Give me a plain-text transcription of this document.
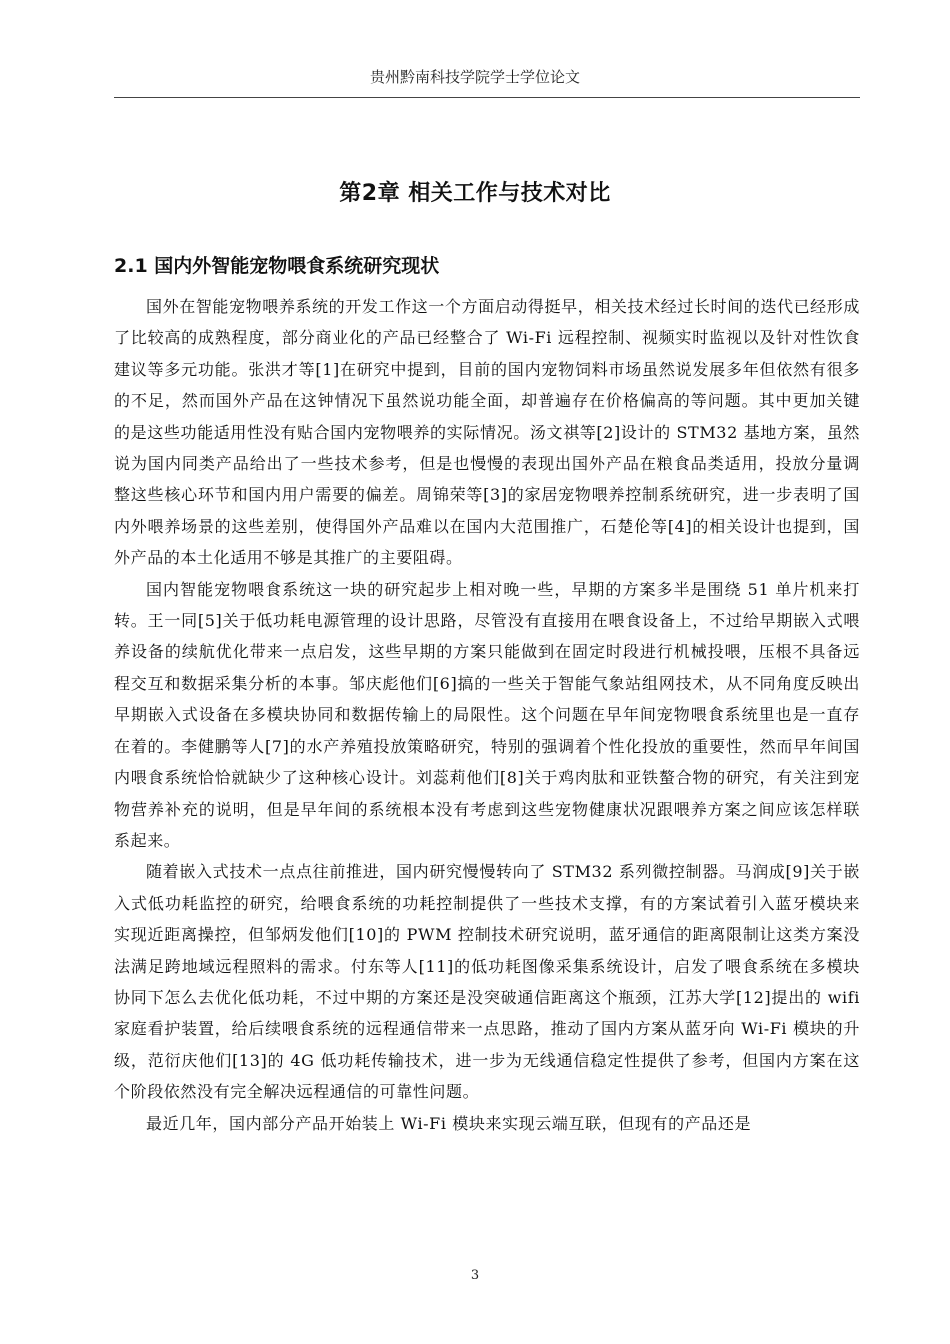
贵州黔南科技学院学士学位论文
第2章 相关工作与技术对比
2.1 国内外智能宠物喂食系统研究现状

国外在智能宠物喂养系统的开发工作这一个方面启动得挺早，相关技术经过长时间的迭代已经形成了比较高的成熟程度，部分商业化的产品已经整合了 Wi-Fi 远程控制、视频实时监视以及针对性饮食建议等多元功能。张洪才等[1]在研究中提到，目前的国内宠物饲料市场虽然说发展多年但依然有很多的不足，然而国外产品在这钟情况下虽然说功能全面，却普遍存在价格偏高的等问题。其中更加关键的是这些功能适用性没有贴合国内宠物喂养的实际情况。汤文祺等[2]设计的 STM32 基地方案，虽然说为国内同类产品给出了一些技术参考，但是也慢慢的表现出国外产品在粮食品类适用，投放分量调整这些核心环节和国内用户需要的偏差。周锦荣等[3]的家居宠物喂养控制系统研究，进一步表明了国内外喂养场景的这些差别，使得国外产品难以在国内大范围推广，石楚伦等[4]的相关设计也提到，国外产品的本土化适用不够是其推广的主要阻碍。

国内智能宠物喂食系统这一块的研究起步上相对晚一些，早期的方案多半是围绕 51 单片机来打转。王一同[5]关于低功耗电源管理的设计思路，尽管没有直接用在喂食设备上，不过给早期嵌入式喂养设备的续航优化带来一点启发，这些早期的方案只能做到在固定时段进行机械投喂，压根不具备远程交互和数据采集分析的本事。邹庆彪他们[6]搞的一些关于智能气象站组网技术，从不同角度反映出早期嵌入式设备在多模块协同和数据传输上的局限性。这个问题在早年间宠物喂食系统里也是一直存在着的。李健鹏等人[7]的水产养殖投放策略研究，特别的强调着个性化投放的重要性，然而早年间国内喂食系统恰恰就缺少了这种核心设计。刘蕊莉他们[8]关于鸡肉肽和亚铁螯合物的研究，有关注到宠物营养补充的说明，但是早年间的系统根本没有考虑到这些宠物健康状况跟喂养方案之间应该怎样联系起来。

随着嵌入式技术一点点往前推进，国内研究慢慢转向了 STM32 系列微控制器。马润成[9]关于嵌入式低功耗监控的研究，给喂食系统的功耗控制提供了一些技术支撑，有的方案试着引入蓝牙模块来实现近距离操控，但邹炳发他们[10]的 PWM 控制技术研究说明，蓝牙通信的距离限制让这类方案没法满足跨地域远程照料的需求。付东等人[11]的低功耗图像采集系统设计，启发了喂食系统在多模块协同下怎么去优化低功耗，不过中期的方案还是没突破通信距离这个瓶颈，江苏大学[12]提出的 wifi 家庭看护装置，给后续喂食系统的远程通信带来一点思路，推动了国内方案从蓝牙向 Wi-Fi 模块的升级，范衍庆他们[13]的 4G 低功耗传输技术，进一步为无线通信稳定性提供了参考，但国内方案在这个阶段依然没有完全解决远程通信的可靠性问题。

最近几年，国内部分产品开始装上 Wi-Fi 模块来实现云端互联，但现有的产品还是

3
